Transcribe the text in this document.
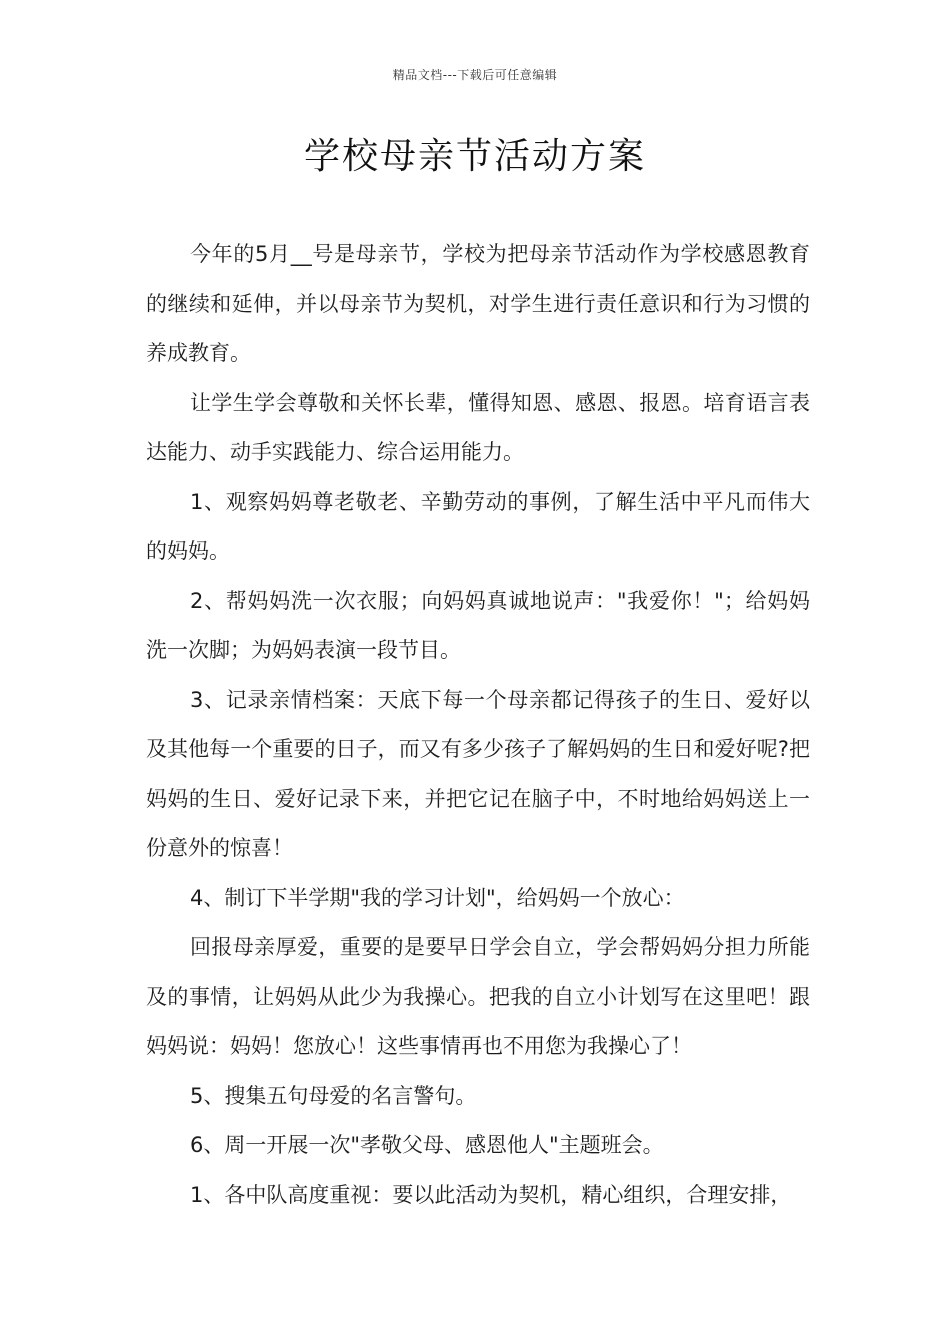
精品文档---下载后可任意编辑
学校母亲节活动方案

今年的5月__号是母亲节，学校为把母亲节活动作为学校感恩教育的继续和延伸，并以母亲节为契机，对学生进行责任意识和行为习惯的养成教育。

让学生学会尊敬和关怀长辈，懂得知恩、感恩、报恩。培育语言表达能力、动手实践能力、综合运用能力。

1、观察妈妈尊老敬老、辛勤劳动的事例，了解生活中平凡而伟大的妈妈。

2、帮妈妈洗一次衣服；向妈妈真诚地说声："我爱你！"；给妈妈洗一次脚；为妈妈表演一段节目。

3、记录亲情档案：天底下每一个母亲都记得孩子的生日、爱好以及其他每一个重要的日子，而又有多少孩子了解妈妈的生日和爱好呢?把妈妈的生日、爱好记录下来，并把它记在脑子中，不时地给妈妈送上一份意外的惊喜！

4、制订下半学期"我的学习计划"，给妈妈一个放心：

回报母亲厚爱，重要的是要早日学会自立，学会帮妈妈分担力所能及的事情，让妈妈从此少为我操心。把我的自立小计划写在这里吧！跟妈妈说：妈妈！您放心！这些事情再也不用您为我操心了！

5、搜集五句母爱的名言警句。

6、周一开展一次"孝敬父母、感恩他人"主题班会。

1、各中队高度重视：要以此活动为契机，精心组织，合理安排，
